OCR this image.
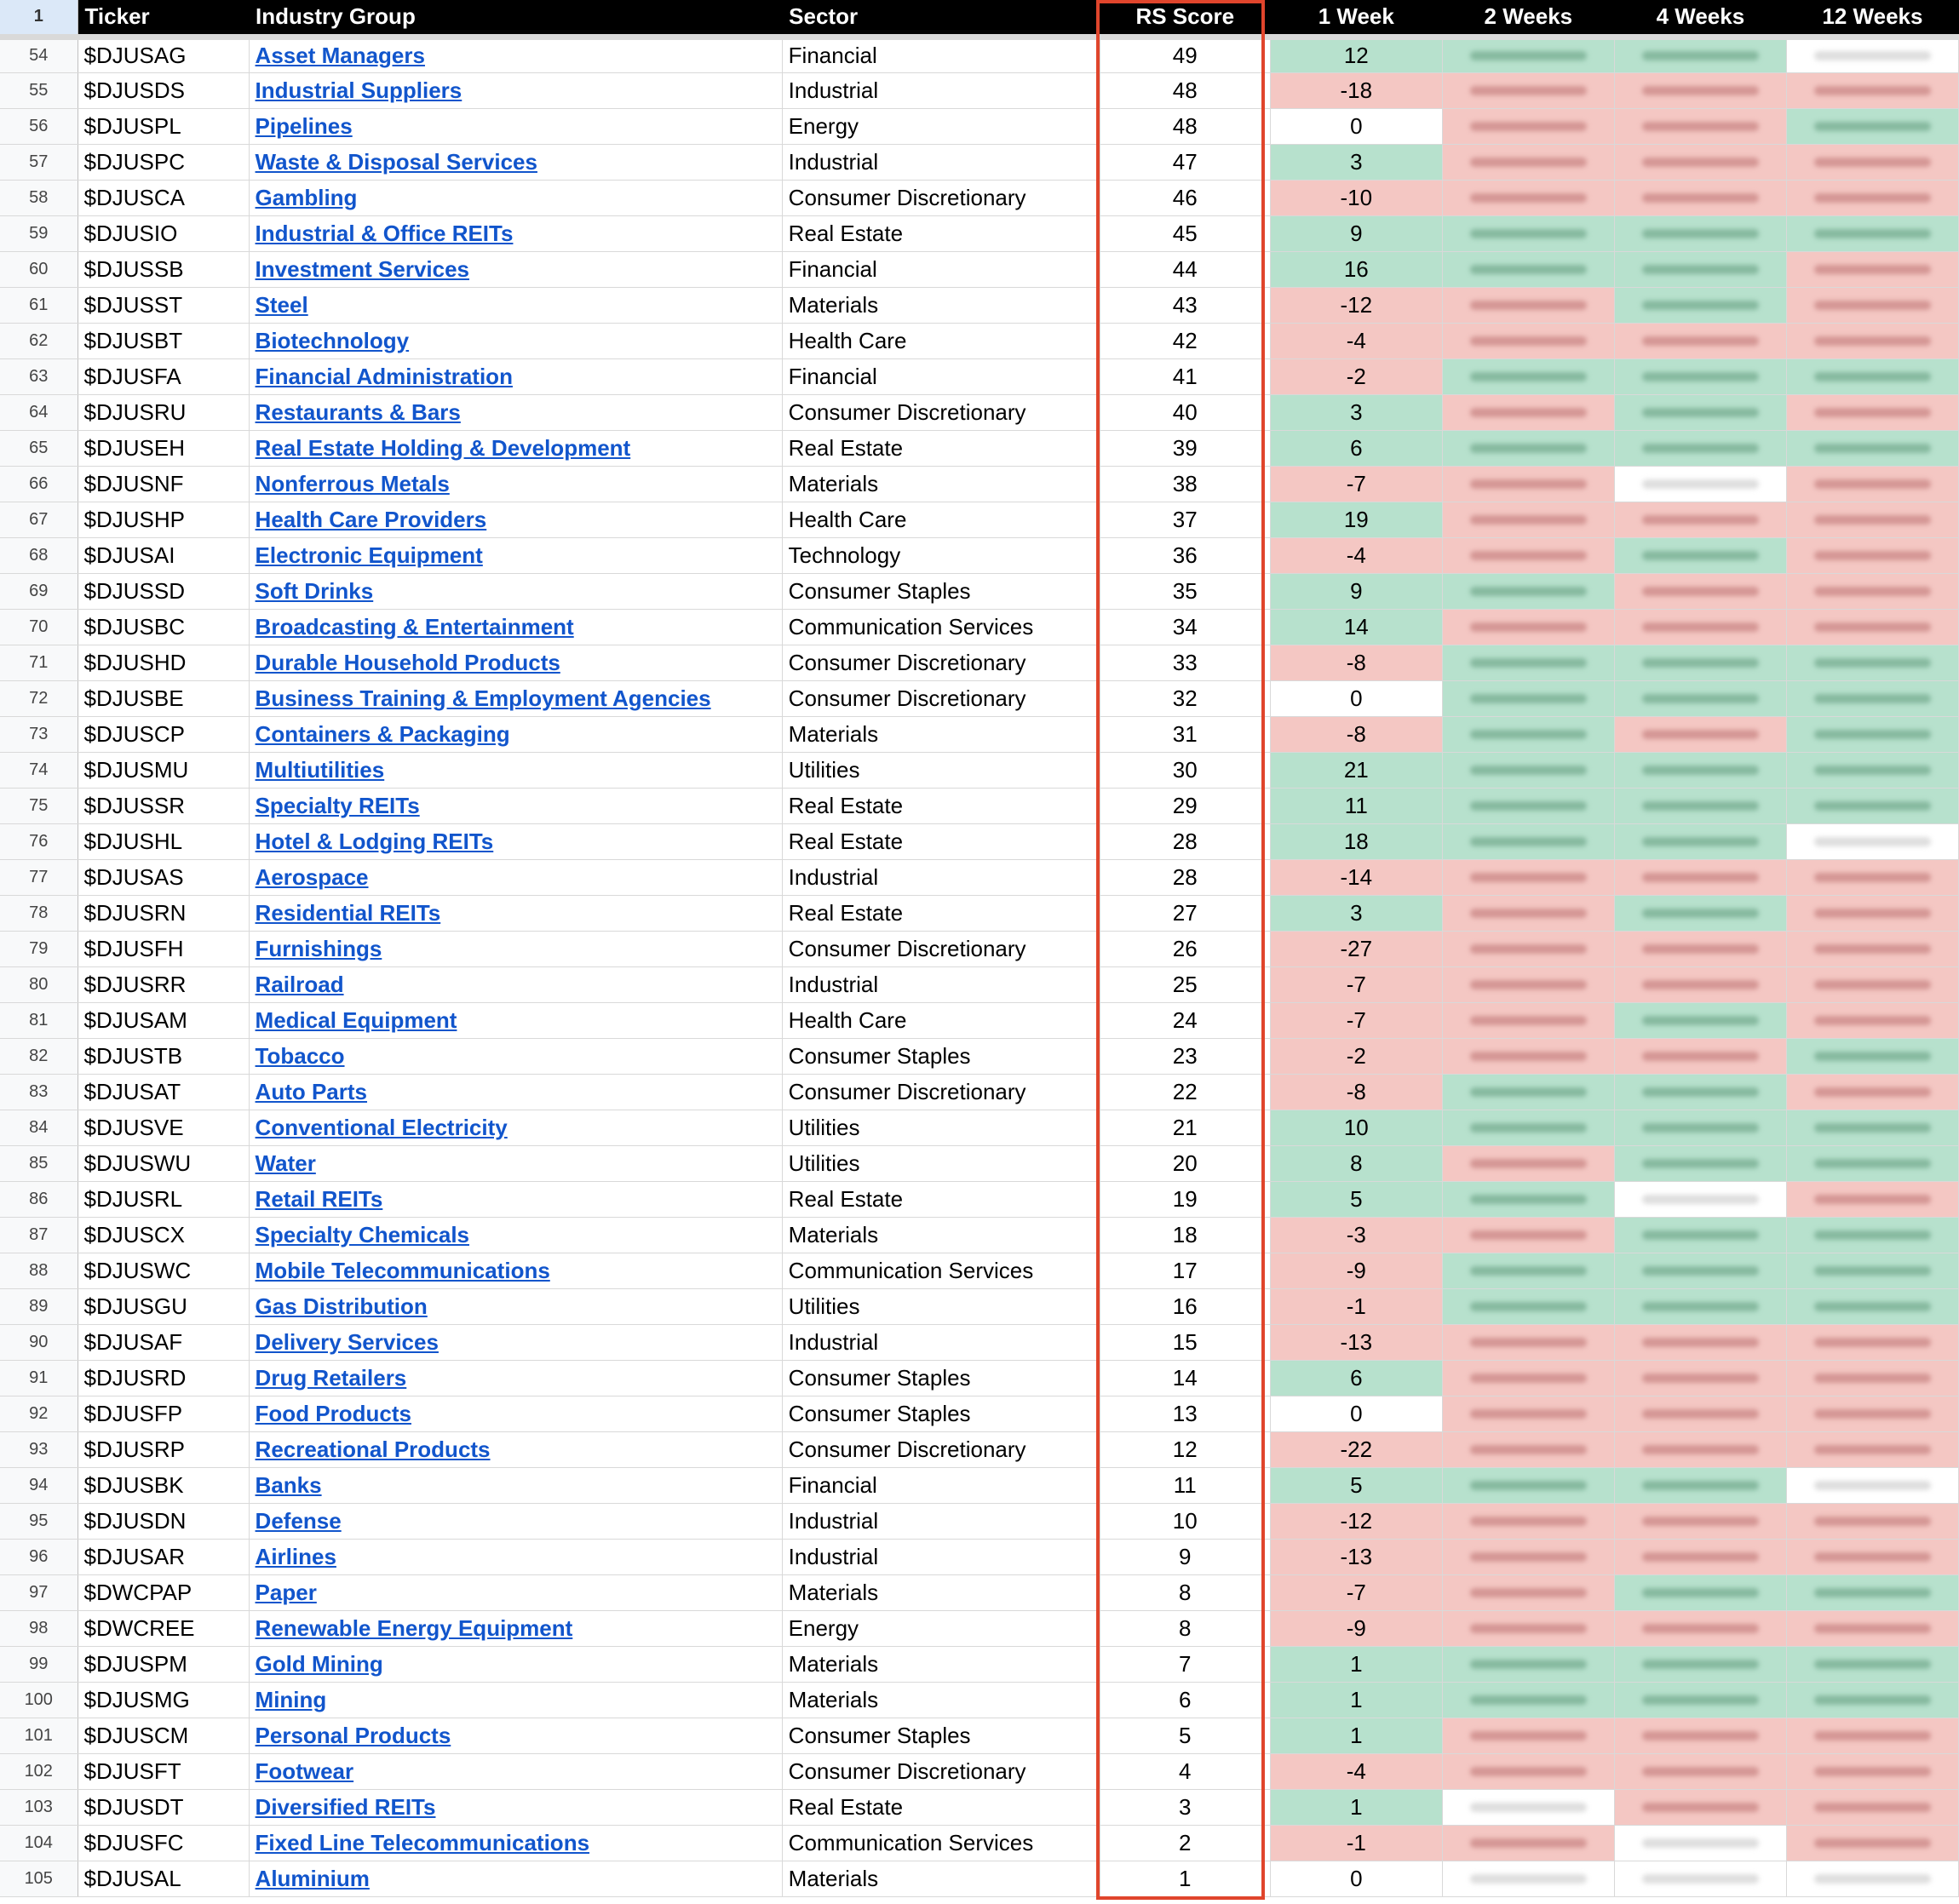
1	Ticker	Industry Group	Sector	RS Score	1 Week	2 Weeks	4 Weeks	12 Weeks
54	$DJUSAG	Asset Managers	Financial	49	12	

55	$DJUSDS	Industrial Suppliers	Industrial	48	-18	

56	$DJUSPL	Pipelines	Energy	48	0	

57	$DJUSPC	Waste & Disposal Services	Industrial	47	3	

58	$DJUSCA	Gambling	Consumer Discretionary	46	-10	

59	$DJUSIO	Industrial & Office REITs	Real Estate	45	9	

60	$DJUSSB	Investment Services	Financial	44	16	

61	$DJUSST	Steel	Materials	43	-12	

62	$DJUSBT	Biotechnology	Health Care	42	-4	

63	$DJUSFA	Financial Administration	Financial	41	-2	

64	$DJUSRU	Restaurants & Bars	Consumer Discretionary	40	3	

65	$DJUSEH	Real Estate Holding & Development	Real Estate	39	6	

66	$DJUSNF	Nonferrous Metals	Materials	38	-7	

67	$DJUSHP	Health Care Providers	Health Care	37	19	

68	$DJUSAI	Electronic Equipment	Technology	36	-4	

69	$DJUSSD	Soft Drinks	Consumer Staples	35	9	

70	$DJUSBC	Broadcasting & Entertainment	Communication Services	34	14	

71	$DJUSHD	Durable Household Products	Consumer Discretionary	33	-8	

72	$DJUSBE	Business Training & Employment Agencies	Consumer Discretionary	32	0	

73	$DJUSCP	Containers & Packaging	Materials	31	-8	

74	$DJUSMU	Multiutilities	Utilities	30	21	

75	$DJUSSR	Specialty REITs	Real Estate	29	11	

76	$DJUSHL	Hotel & Lodging REITs	Real Estate	28	18	

77	$DJUSAS	Aerospace	Industrial	28	-14	

78	$DJUSRN	Residential REITs	Real Estate	27	3	

79	$DJUSFH	Furnishings	Consumer Discretionary	26	-27	

80	$DJUSRR	Railroad	Industrial	25	-7	

81	$DJUSAM	Medical Equipment	Health Care	24	-7	

82	$DJUSTB	Tobacco	Consumer Staples	23	-2	

83	$DJUSAT	Auto Parts	Consumer Discretionary	22	-8	

84	$DJUSVE	Conventional Electricity	Utilities	21	10	

85	$DJUSWU	Water	Utilities	20	8	

86	$DJUSRL	Retail REITs	Real Estate	19	5	

87	$DJUSCX	Specialty Chemicals	Materials	18	-3	

88	$DJUSWC	Mobile Telecommunications	Communication Services	17	-9	

89	$DJUSGU	Gas Distribution	Utilities	16	-1	

90	$DJUSAF	Delivery Services	Industrial	15	-13	

91	$DJUSRD	Drug Retailers	Consumer Staples	14	6	

92	$DJUSFP	Food Products	Consumer Staples	13	0	

93	$DJUSRP	Recreational Products	Consumer Discretionary	12	-22	

94	$DJUSBK	Banks	Financial	11	5	

95	$DJUSDN	Defense	Industrial	10	-12	

96	$DJUSAR	Airlines	Industrial	9	-13	

97	$DWCPAP	Paper	Materials	8	-7	

98	$DWCREE	Renewable Energy Equipment	Energy	8	-9	

99	$DJUSPM	Gold Mining	Materials	7	1	

100	$DJUSMG	Mining	Materials	6	1	

101	$DJUSCM	Personal Products	Consumer Staples	5	1	

102	$DJUSFT	Footwear	Consumer Discretionary	4	-4	

103	$DJUSDT	Diversified REITs	Real Estate	3	1	

104	$DJUSFC	Fixed Line Telecommunications	Communication Services	2	-1	

105	$DJUSAL	Aluminium	Materials	1	0	
